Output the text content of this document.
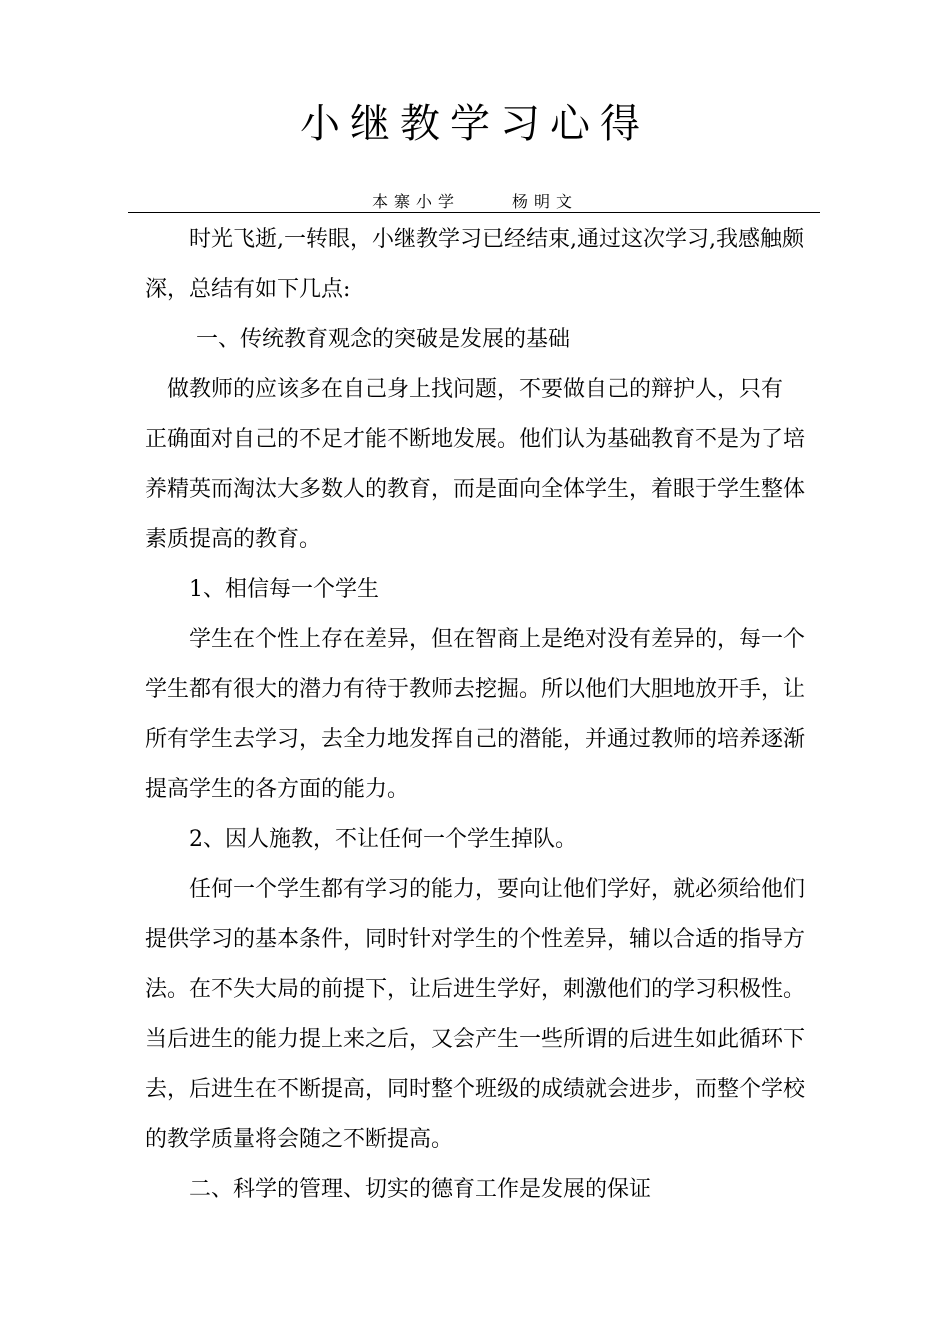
小继教学习心得
本寨小学	杨明文
　　时光飞逝,一转眼，小继教学习已经结束,通过这次学习,我感触颇
深，总结有如下几点:
　　 一、传统教育观念的突破是发展的基础
　做教师的应该多在自己身上找问题，不要做自己的辩护人，只有
正确面对自己的不足才能不断地发展。他们认为基础教育不是为了培
养精英而淘汰大多数人的教育，而是面向全体学生，着眼于学生整体
素质提高的教育。
　　1、相信每一个学生
　　学生在个性上存在差异，但在智商上是绝对没有差异的，每一个
学生都有很大的潜力有待于教师去挖掘。所以他们大胆地放开手，让
所有学生去学习，去全力地发挥自己的潜能，并通过教师的培养逐渐
提高学生的各方面的能力。
　　2、因人施教，不让任何一个学生掉队。
　　任何一个学生都有学习的能力，要向让他们学好，就必须给他们
提供学习的基本条件，同时针对学生的个性差异，辅以合适的指导方
法。在不失大局的前提下，让后进生学好，刺激他们的学习积极性。
当后进生的能力提上来之后，又会产生一些所谓的后进生如此循环下
去，后进生在不断提高，同时整个班级的成绩就会进步，而整个学校
的教学质量将会随之不断提高。
　　二、科学的管理、切实的德育工作是发展的保证
